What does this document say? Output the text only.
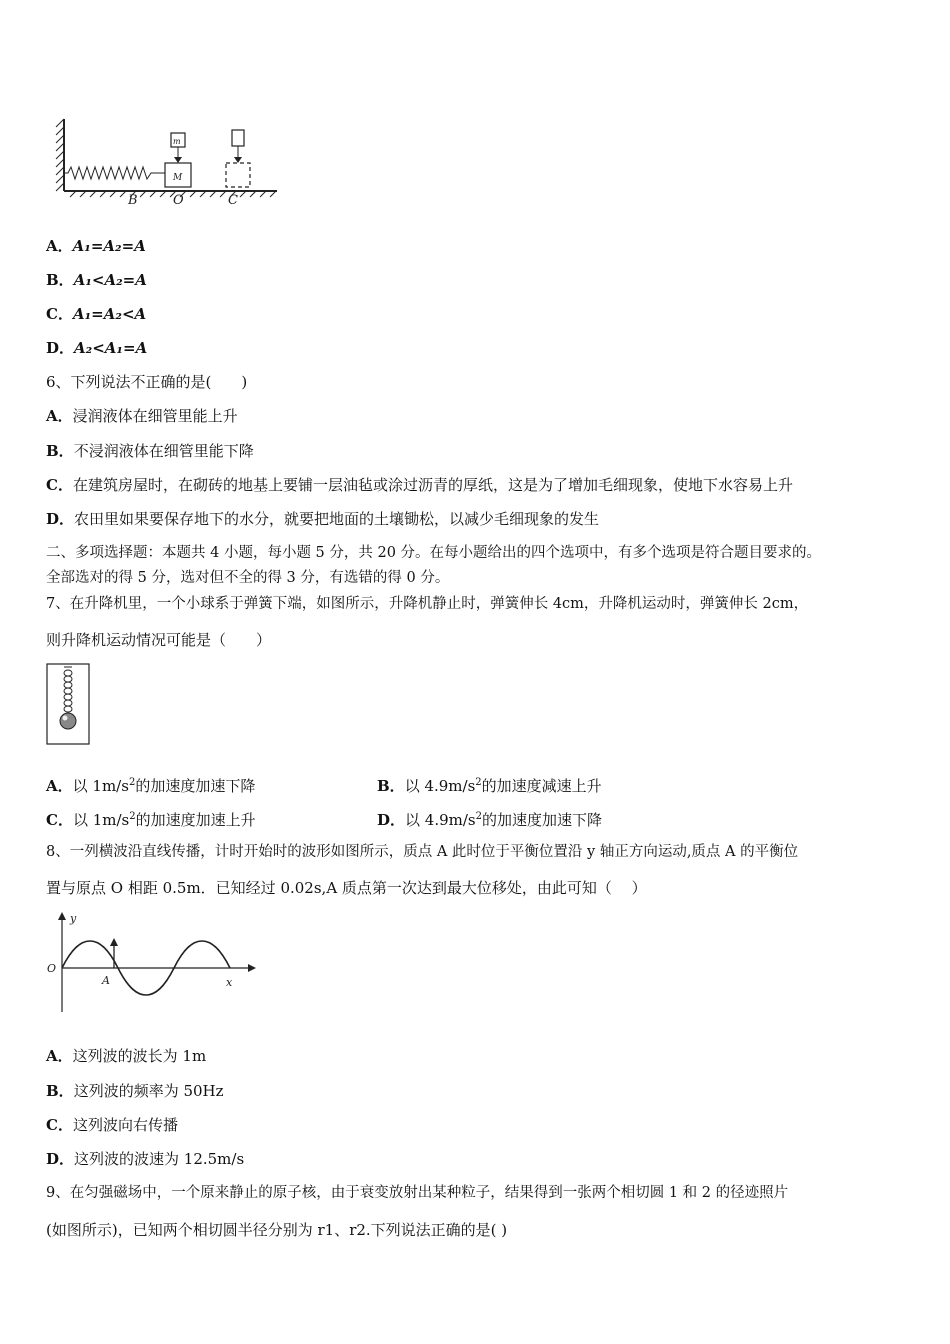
M
m
B	O	C
A．A₁=A₂=A
B．A₁<A₂=A
C．A₁=A₂<A
D．A₂<A₁=A
6、下列说法不正确的是(　　)
A．浸润液体在细管里能上升
B．不浸润液体在细管里能下降
C．在建筑房屋时，在砌砖的地基上要铺一层油毡或涂过沥青的厚纸，这是为了增加毛细现象，使地下水容易上升
D．农田里如果要保存地下的水分，就要把地面的土壤锄松，以减少毛细现象的发生
二、多项选择题：本题共 4 小题，每小题 5 分，共 20 分。在每小题给出的四个选项中，有多个选项是符合题目要求的。
全部选对的得 5 分，选对但不全的得 3 分，有选错的得 0 分。
7、在升降机里，一个小球系于弹簧下端，如图所示，升降机静止时，弹簧伸长 4cm，升降机运动时，弹簧伸长 2cm，
则升降机运动情况可能是（　　）
A．以 $1m/s^2$的加速度加速下降	B．以 $4.9m/s^2$的加速度减速上升
C．以 $1m/s^2$的加速度加速上升	D．以 $4.9m/s^2$的加速度加速下降
8、一列横波沿直线传播，计时开始时的波形如图所示，质点 A 此时位于平衡位置沿 y 轴正方向运动,质点 A 的平衡位
置与原点 O 相距 0.5m．已知经过 0.02s,A 质点第一次达到最大位移处，由此可知（　 ）
y
x
O
A
A．这列波的波长为 1m
B．这列波的频率为 50Hz
C．这列波向右传播
D．这列波的波速为 12.5m/s
9、在匀强磁场中，一个原来静止的原子核，由于衰变放射出某种粒子，结果得到一张两个相切圆 1 和 2 的径迹照片
(如图所示)，已知两个相切圆半径分别为 r1、r2.下列说法正确的是( )
